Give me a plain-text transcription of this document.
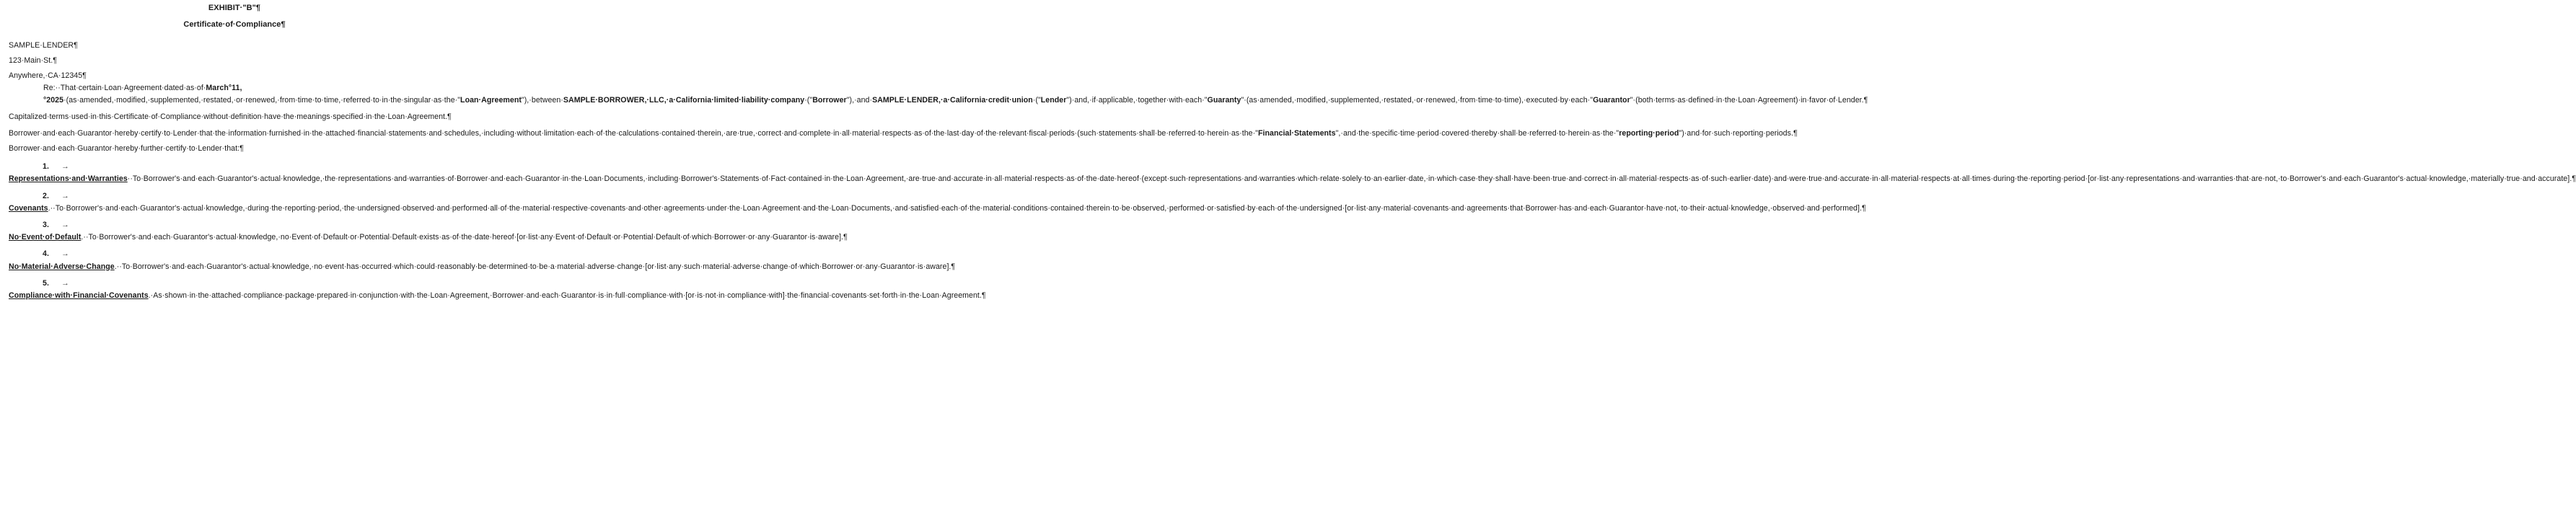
EXHIBIT·"B"¶

Certificate·of·Compliance¶

SAMPLE·LENDER¶

123·Main·St.¶

Anywhere,·CA·12345¶

Re:··That·certain·Loan·Agreement·dated·as·of·March°11,°2025·(as·amended,·modified,·supplemented,·restated,·or·renewed,·from·time·to·time,·referred·to·in·the·singular·as·the·"Loan·Agreement"),·between·SAMPLE·BORROWER,·LLC,·a·California·limited·liability·company·("Borrower"),·and·SAMPLE·LENDER,·a·California·credit·union·("Lender")·and,·if·applicable,·together·with·each·"Guaranty"·(as·amended,·modified,·supplemented,·restated,·or·renewed,·from·time·to·time),·executed·by·each·"Guarantor"·(both·terms·as·defined·in·the·Loan·Agreement)·in·favor·of·Lender.¶

Capitalized·terms·used·in·this·Certificate·of·Compliance·without·definition·have·the·meanings·specified·in·the·Loan·Agreement.¶

Borrower·and·each·Guarantor·hereby·certify·to·Lender·that·the·information·furnished·in·the·attached·financial·statements·and·schedules,·including·without·limitation·each·of·the·calculations·contained·therein,·are·true,·correct·and·complete·in·all·material·respects·as·of·the·last·day·of·the·relevant·fiscal·periods·(such·statements·shall·be·referred·to·herein·as·the·"Financial·Statements",·and·the·specific·time·period·covered·thereby·shall·be·referred·to·herein·as·the·"reporting·period")·and·for·such·reporting·periods.¶

Borrower·and·each·Guarantor·hereby·further·certify·to·Lender·that:¶

1. →Representations·and·Warranties··To·Borrower's·and·each·Guarantor's·actual·knowledge,·the·representations·and·warranties·of·Borrower·and·each·Guarantor·in·the·Loan·Documents,·including·Borrower's·Statements·of·Fact·contained·in·the·Loan·Agreement,·are·true·and·accurate·in·all·material·respects·as·of·the·date·hereof·(except·such·representations·and·warranties·which·relate·solely·to·an·earlier·date,·in·which·case·they·shall·have·been·true·and·correct·in·all·material·respects·as·of·such·earlier·date)·and·were·true·and·accurate·in·all·material·respects·at·all·times·during·the·reporting·period·[or·list·any·representations·and·warranties·that·are·not,·to·Borrower's·and·each·Guarantor's·actual·knowledge,·materially·true·and·accurate].¶

2. →Covenants.··To·Borrower's·and·each·Guarantor's·actual·knowledge,·during·the·reporting·period,·the·undersigned·observed·and·performed·all·of·the·material·respective·covenants·and·other·agreements·under·the·Loan·Agreement·and·the·Loan·Documents,·and·satisfied·each·of·the·material·conditions·contained·therein·to·be·observed,·performed·or·satisfied·by·each·of·the·undersigned·[or·list·any·material·covenants·and·agreements·that·Borrower·has·and·each·Guarantor·have·not,·to·their·actual·knowledge,·observed·and·performed].¶

3. →No·Event·of·Default.··To·Borrower's·and·each·Guarantor's·actual·knowledge,·no·Event·of·Default·or·Potential·Default·exists·as·of·the·date·hereof·[or·list·any·Event·of·Default·or·Potential·Default·of·which·Borrower·or·any·Guarantor·is·aware].¶

4. →No·Material·Adverse·Change.··To·Borrower's·and·each·Guarantor's·actual·knowledge,·no·event·has·occurred·which·could·reasonably·be·determined·to·be·a·material·adverse·change·[or·list·any·such·material·adverse·change·of·which·Borrower·or·any·Guarantor·is·aware].¶

5. →Compliance·with·Financial·Covenants.·As·shown·in·the·attached·compliance·package·prepared·in·conjunction·with·the·Loan·Agreement,·Borrower·and·each·Guarantor·is·in·full·compliance·with·[or·is·not·in·compliance·with]·the·financial·covenants·set·forth·in·the·Loan·Agreement.¶
